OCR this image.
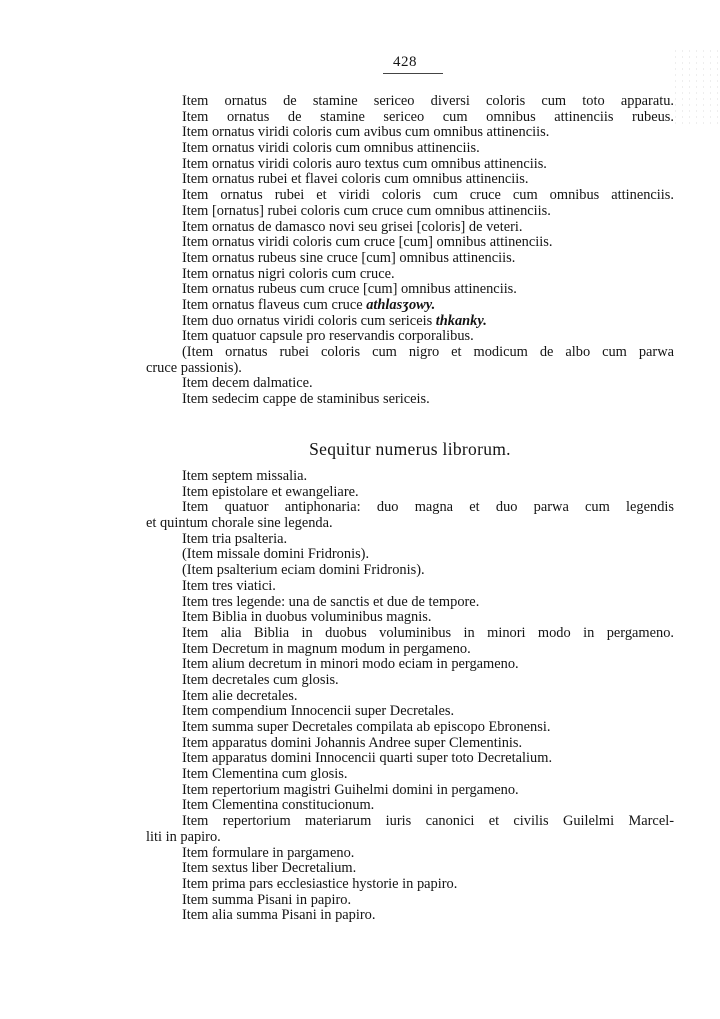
428
Item ornatus de stamine sericeo diversi coloris cum toto apparatu.
Item ornatus de stamine sericeo cum omnibus attinenciis rubeus.
Item ornatus viridi coloris cum avibus cum omnibus attinenciis.
Item ornatus viridi coloris cum omnibus attinenciis.
Item ornatus viridi coloris auro textus cum omnibus attinenciis.
Item ornatus rubei et flavei coloris cum omnibus attinenciis.
Item ornatus rubei et viridi coloris cum cruce cum omnibus attinenciis.
Item [ornatus] rubei coloris cum cruce cum omnibus attinenciis.
Item ornatus de damasco novi seu grisei [coloris] de veteri.
Item ornatus viridi coloris cum cruce [cum] omnibus attinenciis.
Item ornatus rubeus sine cruce [cum] omnibus attinenciis.
Item ornatus nigri coloris cum cruce.
Item ornatus rubeus cum cruce [cum] omnibus attinenciis.
Item ornatus flaveus cum cruce athlasʒowy.
Item duo ornatus viridi coloris cum sericeis thkanky.
Item quatuor capsule pro reservandis corporalibus.
(Item ornatus rubei coloris cum nigro et modicum de albo cum parwa
cruce passionis).
Item decem dalmatice.
Item sedecim cappe de staminibus sericeis.
Sequitur numerus librorum.
Item septem missalia.
Item epistolare et ewangeliare.
Item quatuor antiphonaria: duo magna et duo parwa cum legendis
et quintum chorale sine legenda.
Item tria psalteria.
(Item missale domini Fridronis).
(Item psalterium eciam domini Fridronis).
Item tres viatici.
Item tres legende: una de sanctis et due de tempore.
Item Biblia in duobus voluminibus magnis.
Item alia Biblia in duobus voluminibus in minori modo in pergameno.
Item Decretum in magnum modum in pergameno.
Item alium decretum in minori modo eciam in pergameno.
Item decretales cum glosis.
Item alie decretales.
Item compendium Innocencii super Decretales.
Item summa super Decretales compilata ab episcopo Ebronensi.
Item apparatus domini Johannis Andree super Clementinis.
Item apparatus domini Innocencii quarti super toto Decretalium.
Item Clementina cum glosis.
Item repertorium magistri Guihelmi domini in pergameno.
Item Clementina constitucionum.
Item repertorium materiarum iuris canonici et civilis Guilelmi Marcel-
liti in papiro.
Item formulare in pargameno.
Item sextus liber Decretalium.
Item prima pars ecclesiastice hystorie in papiro.
Item summa Pisani in papiro.
Item alia summa Pisani in papiro.
